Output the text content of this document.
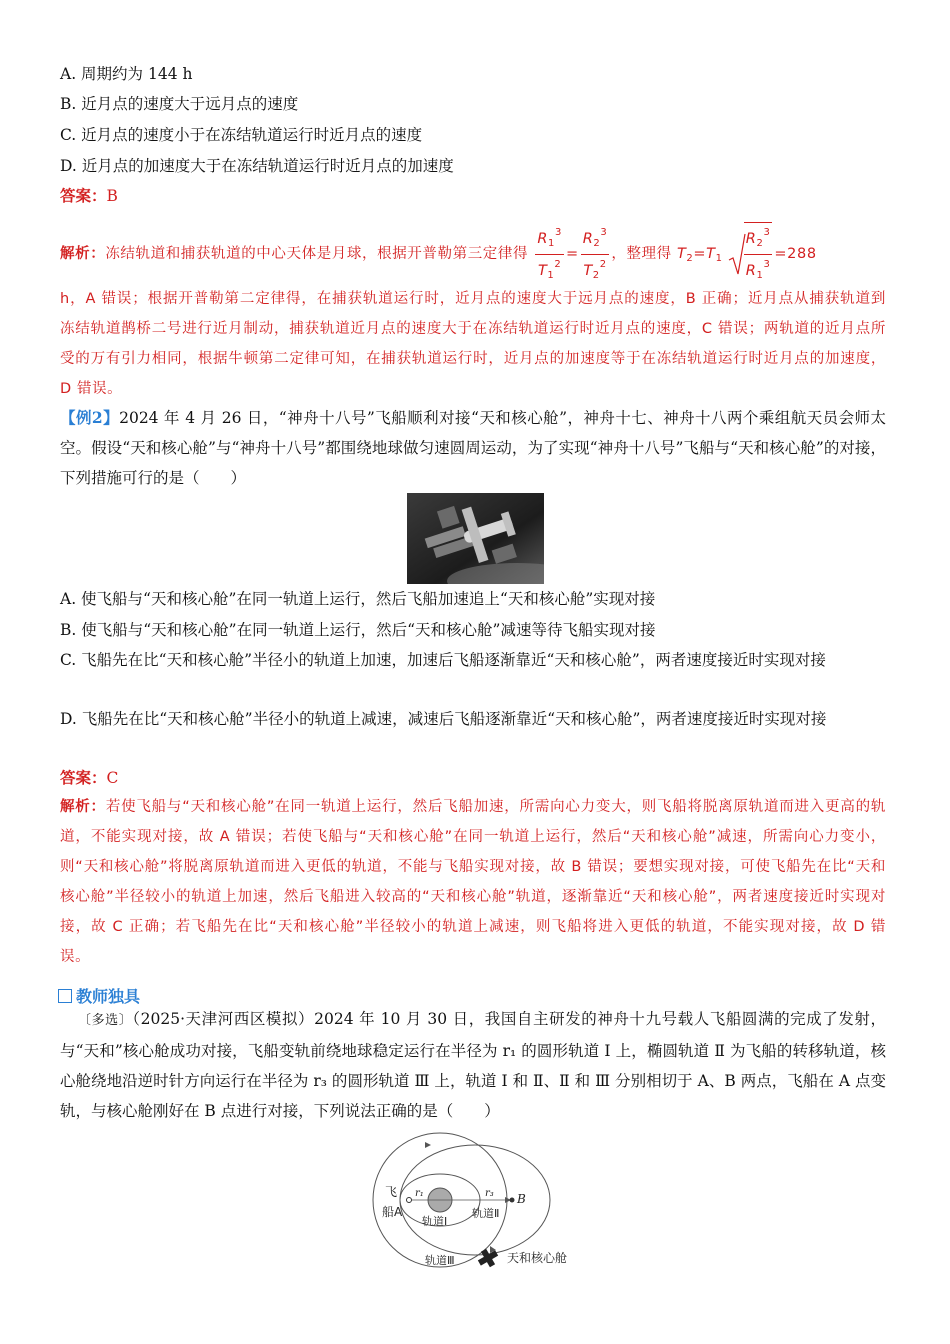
A. 周期约为 144 h
B. 近月点的速度大于远月点的速度
C. 近月点的速度小于在冻结轨道运行时近月点的速度
D. 近月点的加速度大于在冻结轨道运行时近月点的加速度
答案：B
解析：冻结轨道和捕获轨道的中心天体是月球，根据开普勒第三定律得 $\frac{R_1^3}{T_1^2} = \frac{R_2^3}{T_2^2}$ ，整理得 $T_2=T_1 \frac{R_2^3}{R_1^3} =288$
h，A 错误；根据开普勒第二定律得，在捕获轨道运行时，近月点的速度大于远月点的速度，B 正确；近月点从捕获轨道到冻结轨道鹊桥二号进行近月制动，捕获轨道近月点的速度大于在冻结轨道运行时近月点的速度，C 错误；两轨道的近月点所受的万有引力相同，根据牛顿第二定律可知，在捕获轨道运行时，近月点的加速度等于在冻结轨道运行时近月点的加速度，D 错误。
【例2】2024 年 4 月 26 日，“神舟十八号”飞船顺利对接“天和核心舱”，神舟十七、神舟十八两个乘组航天员会师太空。假设“天和核心舱”与“神舟十八号”都围绕地球做匀速圆周运动，为了实现“神舟十八号”飞船与“天和核心舱”的对接，下列措施可行的是（　　）
A. 使飞船与“天和核心舱”在同一轨道上运行，然后飞船加速追上“天和核心舱”实现对接
B. 使飞船与“天和核心舱”在同一轨道上运行，然后“天和核心舱”减速等待飞船实现对接
C. 飞船先在比“天和核心舱”半径小的轨道上加速，加速后飞船逐渐靠近“天和核心舱”，两者速度接近时实现对接
D. 飞船先在比“天和核心舱”半径小的轨道上减速，减速后飞船逐渐靠近“天和核心舱”，两者速度接近时实现对接
答案：C
解析：若使飞船与“天和核心舱”在同一轨道上运行，然后飞船加速，所需向心力变大，则飞船将脱离原轨道而进入更高的轨道，不能实现对接，故 A 错误；若使飞船与“天和核心舱”在同一轨道上运行，然后“天和核心舱”减速，所需向心力变小，则“天和核心舱”将脱离原轨道而进入更低的轨道，不能与飞船实现对接，故 B 错误；要想实现对接，可使飞船先在比“天和核心舱”半径较小的轨道上加速，然后飞船进入较高的“天和核心舱”轨道，逐渐靠近“天和核心舱”，两者速度接近时实现对接，故 C 正确；若飞船先在比“天和核心舱”半径较小的轨道上减速，则飞船将进入更低的轨道，不能实现对接，故 D 错误。
教师独具
〔多选〕（2025·天津河西区模拟）2024 年 10 月 30 日，我国自主研发的神舟十九号载人飞船圆满的完成了发射，与“天和”核心舱成功对接，飞船变轨前绕地球稳定运行在半径为 r₁ 的圆形轨道 Ⅰ 上，椭圆轨道 Ⅱ 为飞船的转移轨道，核心舱绕地沿逆时针方向运行在半径为 r₃ 的圆形轨道 Ⅲ 上，轨道 Ⅰ 和 Ⅱ、Ⅱ 和 Ⅲ 分别相切于 A、B 两点，飞船在 A 点变轨，与核心舱刚好在 B 点进行对接，下列说法正确的是（　　）
飞
船A
r₁	r₃ B
轨道Ⅰ
轨道Ⅱ
轨道Ⅲ	天和核心舱
